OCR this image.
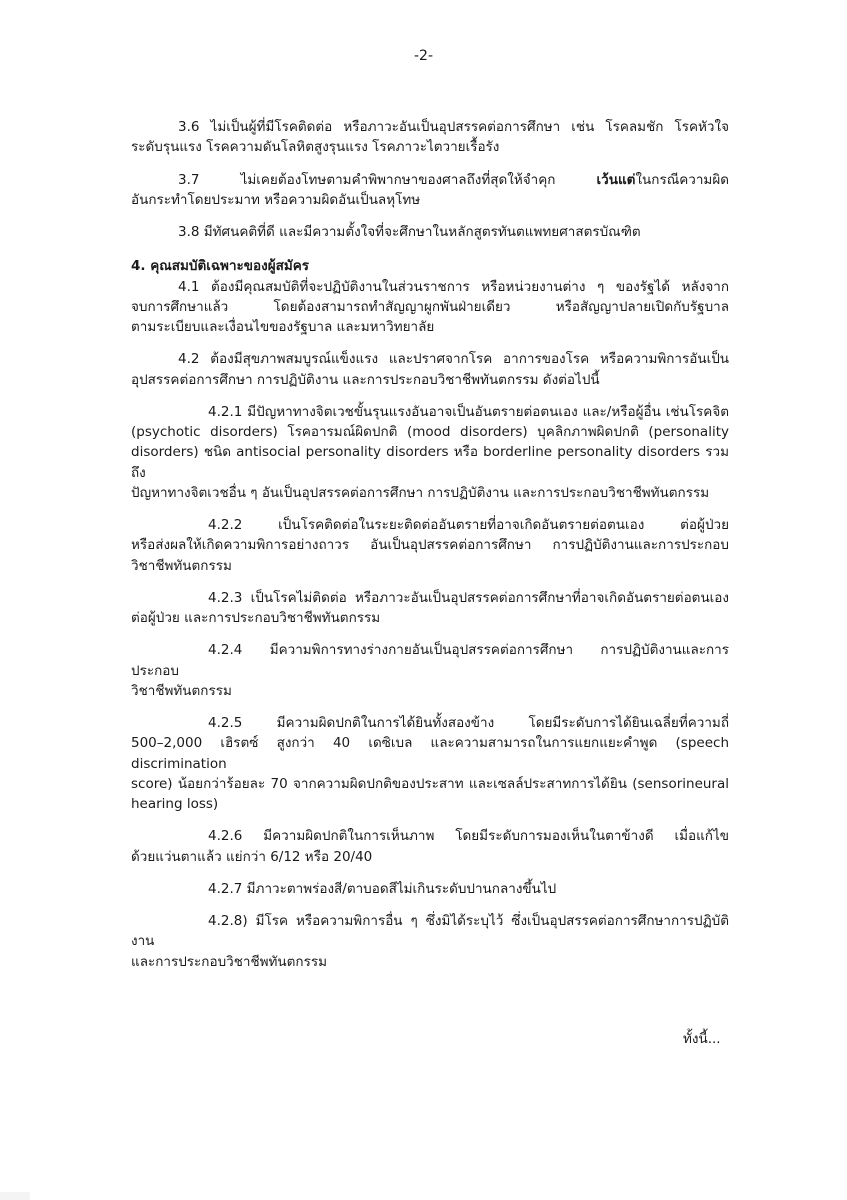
-2-

3.6 ไม่เป็นผู้ที่มีโรคติดต่อ หรือภาวะอันเป็นอุปสรรคต่อการศึกษา เช่น โรคลมชัก โรคหัวใจ

ระดับรุนแรง โรคความดันโลหิตสูงรุนแรง โรคภาวะไตวายเรื้อรัง

3.7 ไม่เคยต้องโทษตามคำพิพากษาของศาลถึงที่สุดให้จำคุก เว้นแต่ในกรณีความผิด

อันกระทำโดยประมาท หรือความผิดอันเป็นลหุโทษ

3.8 มีทัศนคติที่ดี และมีความตั้งใจที่จะศึกษาในหลักสูตรทันตแพทยศาสตรบัณฑิต

4. คุณสมบัติเฉพาะของผู้สมัคร

4.1 ต้องมีคุณสมบัติที่จะปฏิบัติงานในส่วนราชการ หรือหน่วยงานต่าง ๆ ของรัฐได้ หลังจาก

จบการศึกษาแล้ว โดยต้องสามารถทำสัญญาผูกพันฝ่ายเดียว หรือสัญญาปลายเปิดกับรัฐบาล

ตามระเบียบและเงื่อนไขของรัฐบาล และมหาวิทยาลัย

4.2 ต้องมีสุขภาพสมบูรณ์แข็งแรง และปราศจากโรค อาการของโรค หรือความพิการอันเป็น

อุปสรรคต่อการศึกษา การปฏิบัติงาน และการประกอบวิชาชีพทันตกรรม ดังต่อไปนี้

4.2.1 มีปัญหาทางจิตเวชขั้นรุนแรงอันอาจเป็นอันตรายต่อตนเอง และ/หรือผู้อื่น เช่นโรคจิต

(psychotic disorders) โรคอารมณ์ผิดปกติ (mood disorders) บุคลิกภาพผิดปกติ (personality

disorders) ชนิด antisocial personality disorders หรือ borderline personality disorders รวมถึง

ปัญหาทางจิตเวชอื่น ๆ อันเป็นอุปสรรคต่อการศึกษา การปฏิบัติงาน และการประกอบวิชาชีพทันตกรรม

4.2.2 เป็นโรคติดต่อในระยะติดต่ออันตรายที่อาจเกิดอันตรายต่อตนเอง ต่อผู้ป่วย

หรือส่งผลให้เกิดความพิการอย่างถาวร อันเป็นอุปสรรคต่อการศึกษา การปฏิบัติงานและการประกอบ

วิชาชีพทันตกรรม

4.2.3 เป็นโรคไม่ติดต่อ หรือภาวะอันเป็นอุปสรรคต่อการศึกษาที่อาจเกิดอันตรายต่อตนเอง

ต่อผู้ป่วย และการประกอบวิชาชีพทันตกรรม

4.2.4 มีความพิการทางร่างกายอันเป็นอุปสรรคต่อการศึกษา การปฏิบัติงานและการประกอบ

วิชาชีพทันตกรรม

4.2.5 มีความผิดปกติในการได้ยินทั้งสองข้าง โดยมีระดับการได้ยินเฉลี่ยที่ความถี่

500–2,000 เฮิรตซ์ สูงกว่า 40 เดซิเบล และความสามารถในการแยกแยะคำพูด (speech discrimination

score) น้อยกว่าร้อยละ 70 จากความผิดปกติของประสาท และเซลล์ประสาทการได้ยิน (sensorineural

hearing loss)

4.2.6 มีความผิดปกติในการเห็นภาพ โดยมีระดับการมองเห็นในตาข้างดี เมื่อแก้ไข

ด้วยแว่นตาแล้ว แย่กว่า 6/12 หรือ 20/40

4.2.7 มีภาวะตาพร่องสี/ตาบอดสีไม่เกินระดับปานกลางขึ้นไป

4.2.8) มีโรค หรือความพิการอื่น ๆ ซึ่งมิได้ระบุไว้ ซึ่งเป็นอุปสรรคต่อการศึกษาการปฏิบัติงาน

และการประกอบวิชาชีพทันตกรรม

ทั้งนี้...
